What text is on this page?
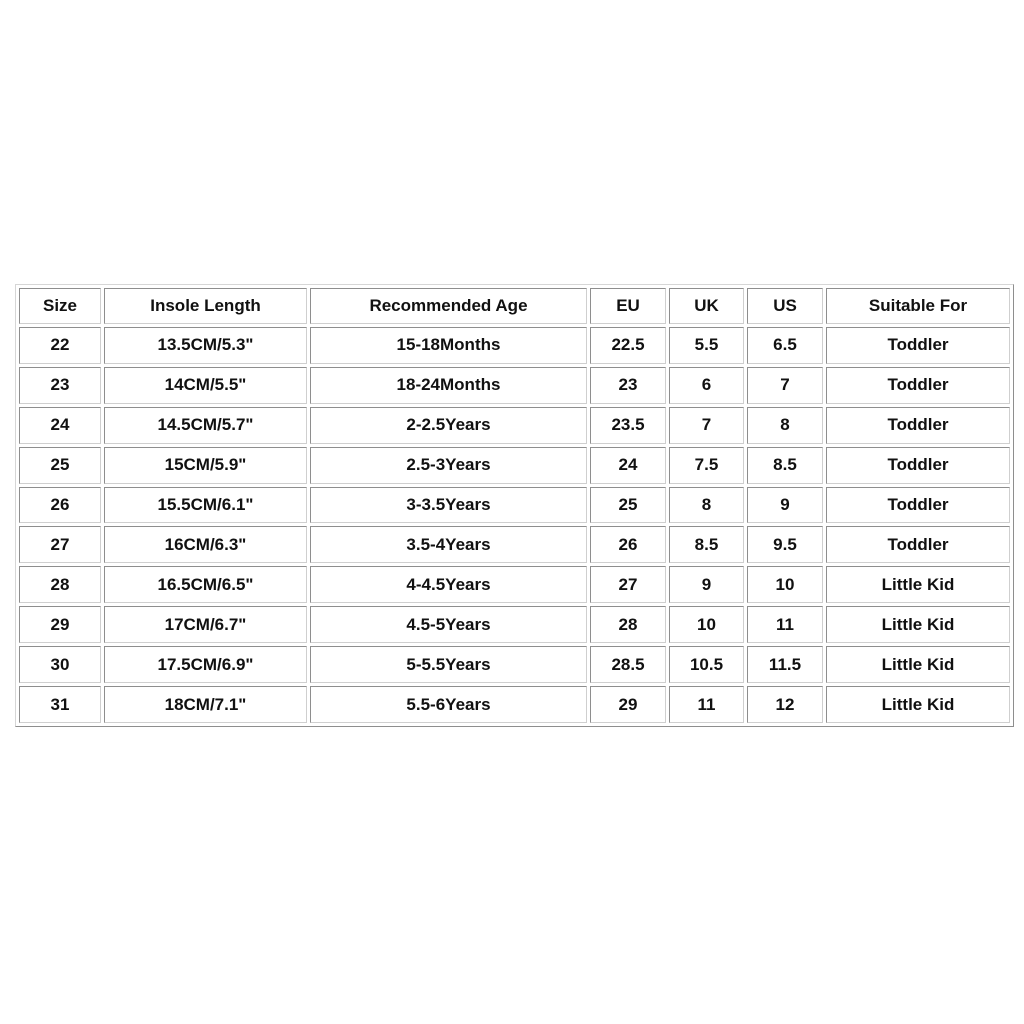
Size	Insole Length	Recommended Age	EU	UK	US	Suitable For
22	13.5CM/5.3"	15-18Months	22.5	5.5	6.5	Toddler
23	14CM/5.5"	18-24Months	23	6	7	Toddler
24	14.5CM/5.7"	2-2.5Years	23.5	7	8	Toddler
25	15CM/5.9"	2.5-3Years	24	7.5	8.5	Toddler
26	15.5CM/6.1"	3-3.5Years	25	8	9	Toddler
27	16CM/6.3"	3.5-4Years	26	8.5	9.5	Toddler
28	16.5CM/6.5"	4-4.5Years	27	9	10	Little Kid
29	17CM/6.7"	4.5-5Years	28	10	11	Little Kid
30	17.5CM/6.9"	5-5.5Years	28.5	10.5	11.5	Little Kid
31	18CM/7.1"	5.5-6Years	29	11	12	Little Kid
